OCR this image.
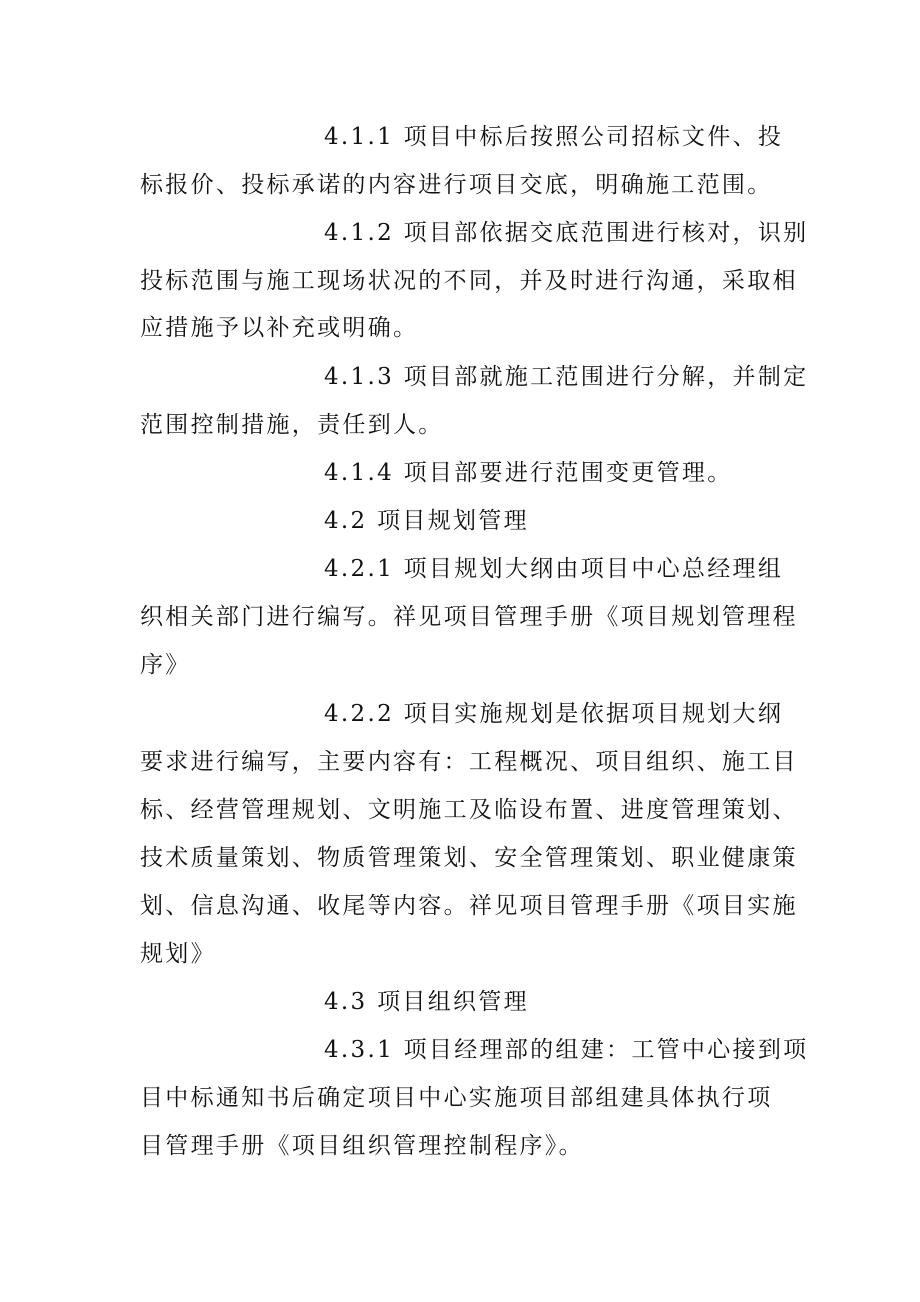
4.1.1 项目中标后按照公司招标文件、投
标报价、投标承诺的内容进行项目交底，明确施工范围。
4.1.2 项目部依据交底范围进行核对，识别
投标范围与施工现场状况的不同，并及时进行沟通，采取相
应措施予以补充或明确。
4.1.3 项目部就施工范围进行分解，并制定
范围控制措施，责任到人。
4.1.4 项目部要进行范围变更管理。
4.2 项目规划管理
4.2.1 项目规划大纲由项目中心总经理组
织相关部门进行编写。祥见项目管理手册《项目规划管理程
序》
4.2.2 项目实施规划是依据项目规划大纲
要求进行编写，主要内容有：工程概况、项目组织、施工目
标、经营管理规划、文明施工及临设布置、进度管理策划、
技术质量策划、物质管理策划、安全管理策划、职业健康策
划、信息沟通、收尾等内容。祥见项目管理手册《项目实施
规划》
4.3 项目组织管理
4.3.1 项目经理部的组建：工管中心接到项
目中标通知书后确定项目中心实施项目部组建具体执行项
目管理手册《项目组织管理控制程序》。
